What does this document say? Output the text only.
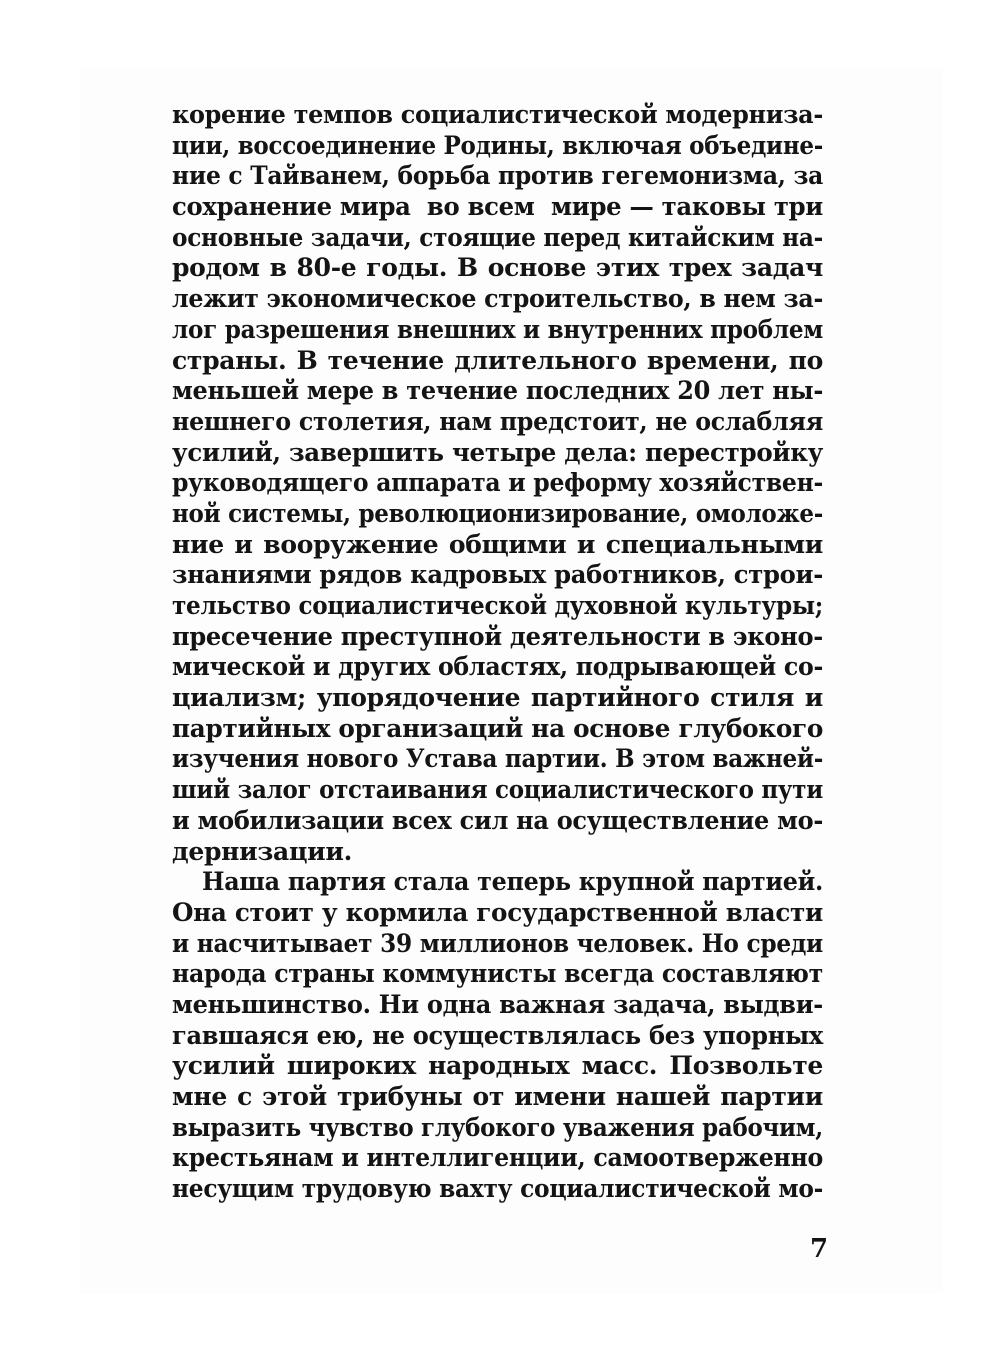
корение темпов социалистической модерниза-
ции, воссоединение Родины, включая объедине-
ние с Тайванем, борьба против гегемонизма, за
сохранение мира  во всем  мире — таковы три
основные задачи, стоящие перед китайским на-
родом в 80-е годы. В основе этих трех задач
лежит экономическое строительство, в нем за-
лог разрешения внешних и внутренних проблем
страны. В течение длительного времени, по
меньшей мере в течение последних 20 лет ны-
нешнего столетия, нам предстоит, не ослабляя
усилий, завершить четыре дела: перестройку
руководящего аппарата и реформу хозяйствен-
ной системы, революционизирование, омоложе-
ние и вооружение общими и специальными
знаниями рядов кадровых работников, строи-
тельство социалистической духовной культуры;
пресечение преступной деятельности в эконо-
мической и других областях, подрывающей со-
циализм; упорядочение партийного стиля и
партийных организаций на основе глубокого
изучения нового Устава партии. В этом важней-
ший залог отстаивания социалистического пути
и мобилизации всех сил на осуществление мо-
дернизации.
Наша партия стала теперь крупной партией.
Она стоит у кормила государственной власти
и насчитывает 39 миллионов человек. Но среди
народа страны коммунисты всегда составляют
меньшинство. Ни одна важная задача, выдви-
гавшаяся ею, не осуществлялась без упорных
усилий широких народных масс. Позвольте
мне с этой трибуны от имени нашей партии
выразить чувство глубокого уважения рабочим,
крестьянам и интеллигенции, самоотверженно
несущим трудовую вахту социалистической мо-
7
